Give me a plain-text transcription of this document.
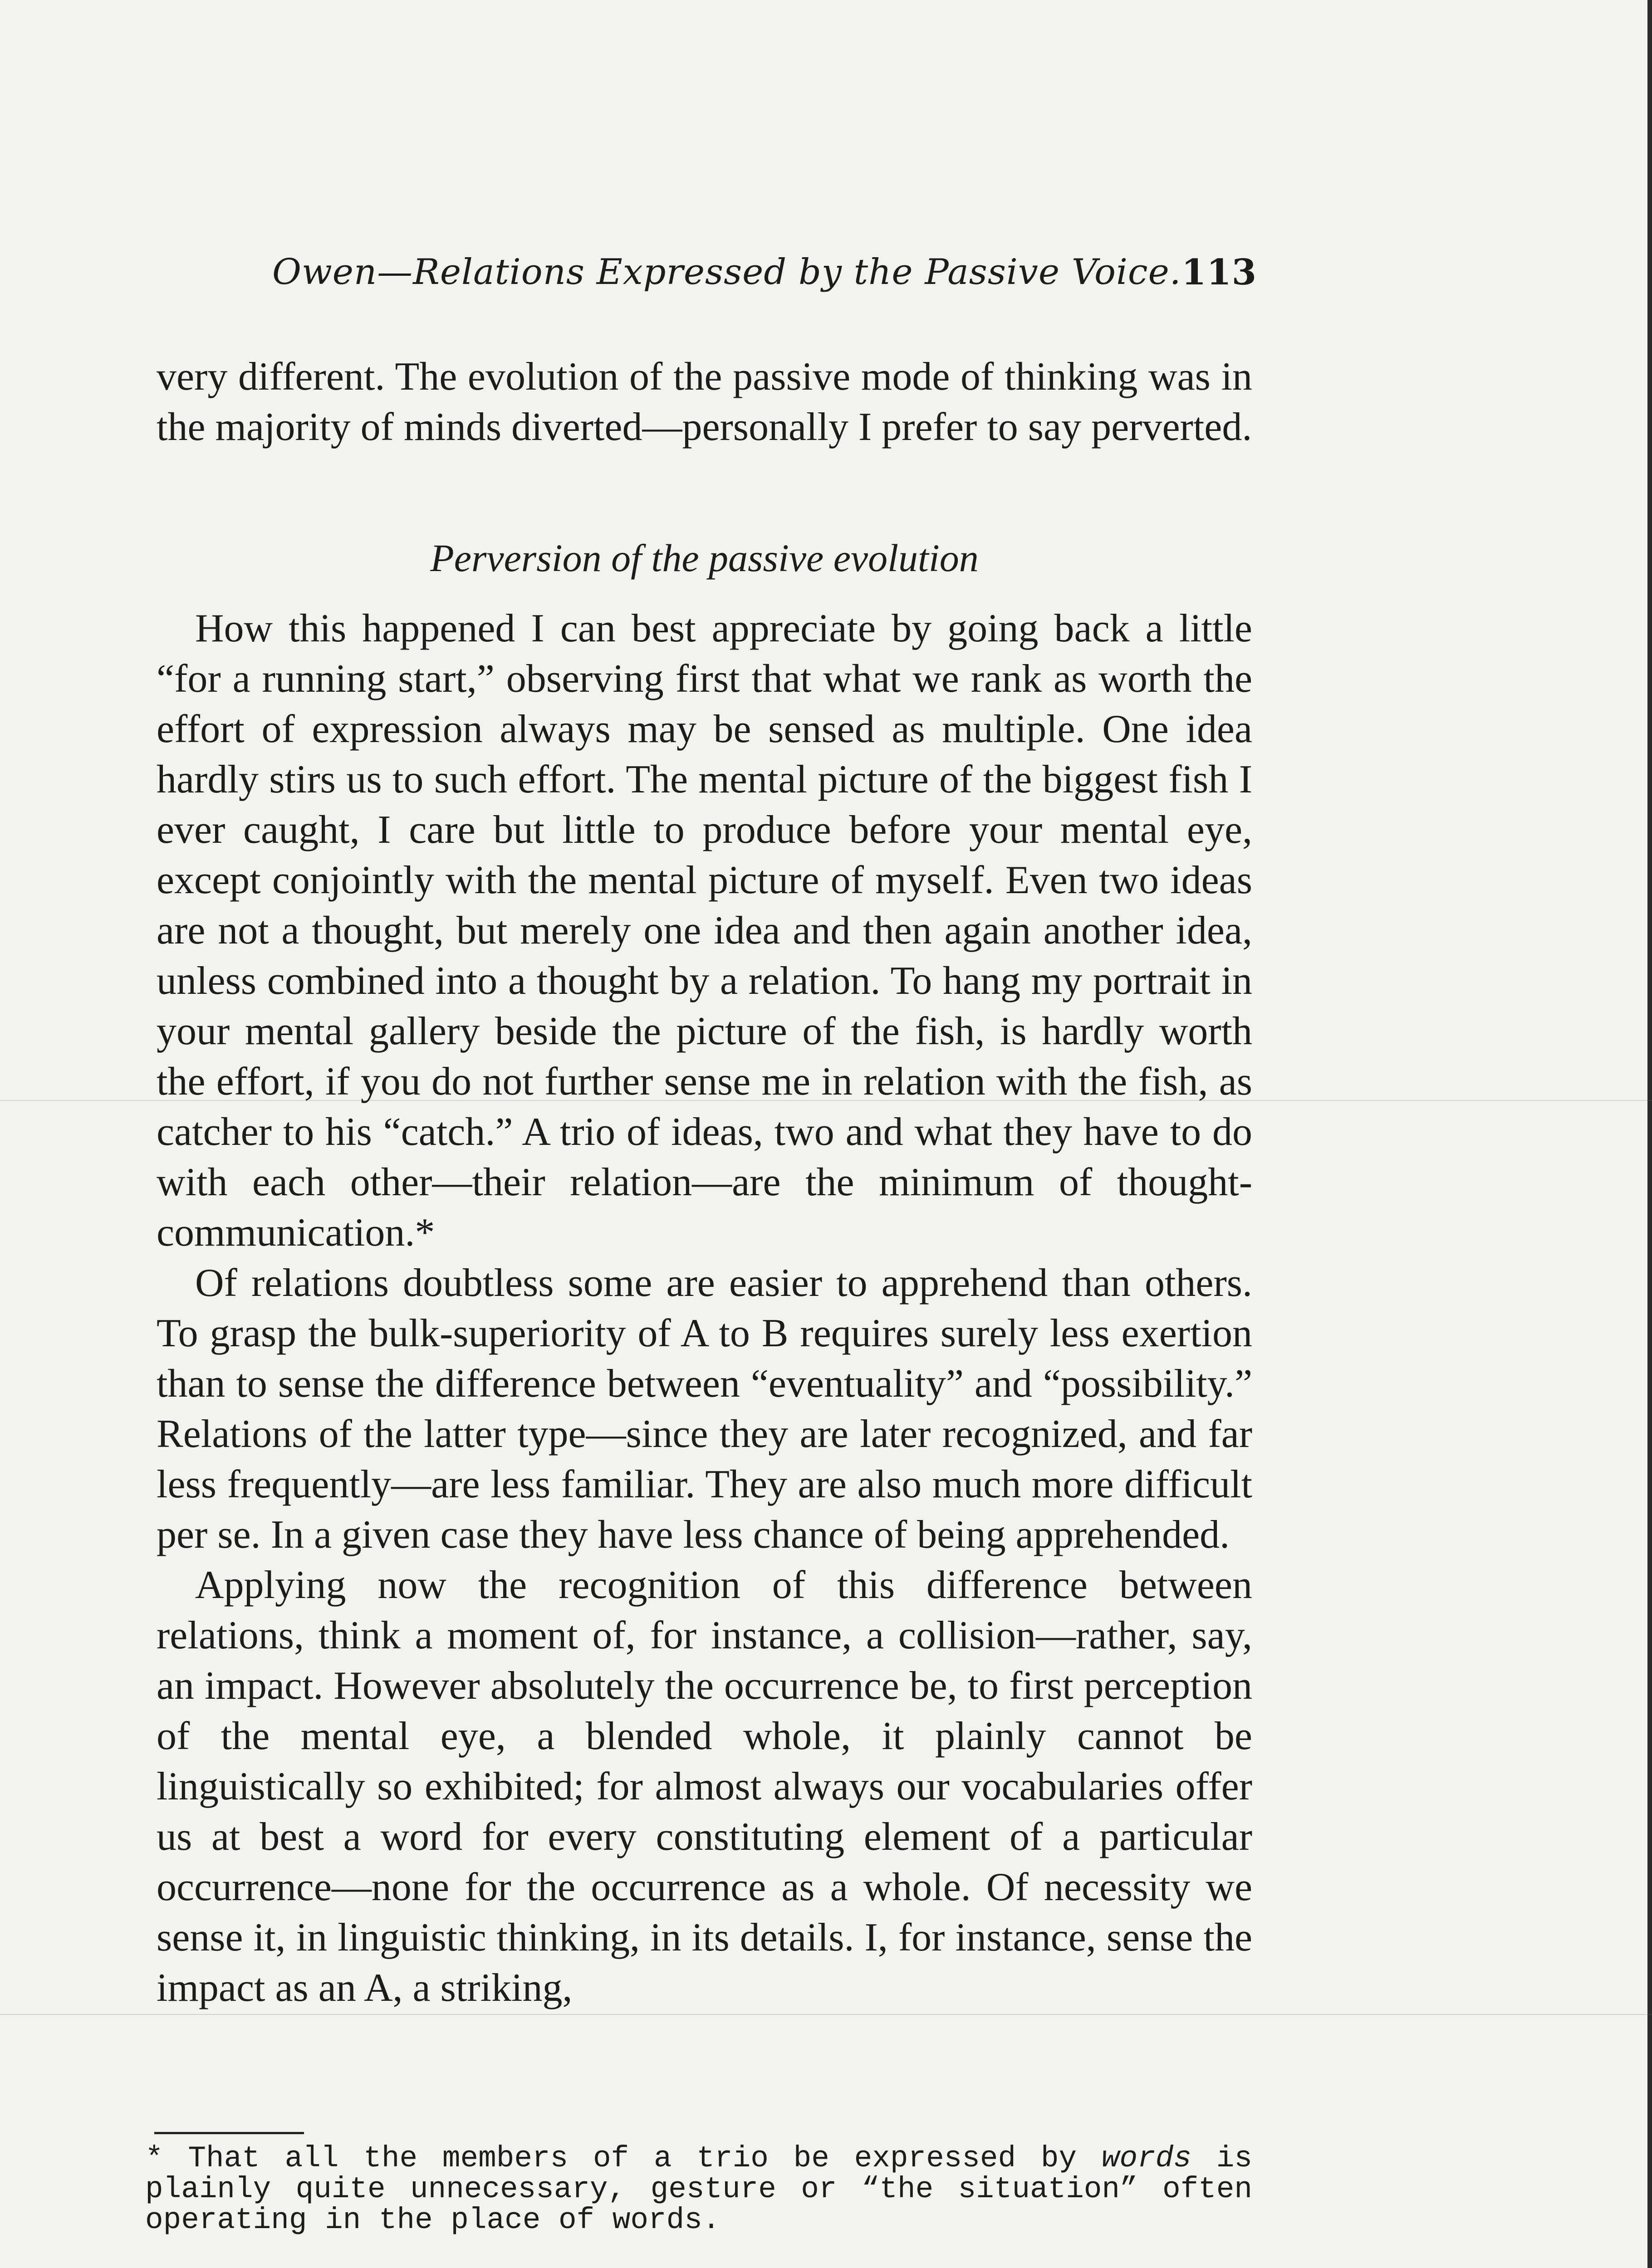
Owen—Relations Expressed by the Passive Voice. 113

very different. The evolution of the passive mode of thinking was in the majority of minds diverted—personally I prefer to say perverted.

Perversion of the passive evolution

How this happened I can best appreciate by going back a little “for a running start,” observing first that what we rank as worth the effort of expression always may be sensed as multiple. One idea hardly stirs us to such effort. The mental picture of the biggest fish I ever caught, I care but little to produce before your mental eye, except conjointly with the mental picture of myself. Even two ideas are not a thought, but merely one idea and then again another idea, unless combined into a thought by a relation. To hang my portrait in your mental gallery beside the picture of the fish, is hardly worth the effort, if you do not further sense me in relation with the fish, as catcher to his “catch.” A trio of ideas, two and what they have to do with each other—their relation—are the minimum of thought-communication.*

Of relations doubtless some are easier to apprehend than others. To grasp the bulk-superiority of A to B requires surely less exertion than to sense the difference between “eventuality” and “possibility.” Relations of the latter type—since they are later recognized, and far less frequently—are less familiar. They are also much more difficult per se. In a given case they have less chance of being apprehended.

Applying now the recognition of this difference between relations, think a moment of, for instance, a collision—rather, say, an impact. However absolutely the occurrence be, to first perception of the mental eye, a blended whole, it plainly cannot be linguistically so exhibited; for almost always our vocabularies offer us at best a word for every constituting element of a particular occurrence—none for the occurrence as a whole. Of necessity we sense it, in linguistic thinking, in its details. I, for instance, sense the impact as an A, a striking,

* That all the members of a trio be expressed by words is plainly quite unnecessary, gesture or “the situation” often operating in the place of words.
